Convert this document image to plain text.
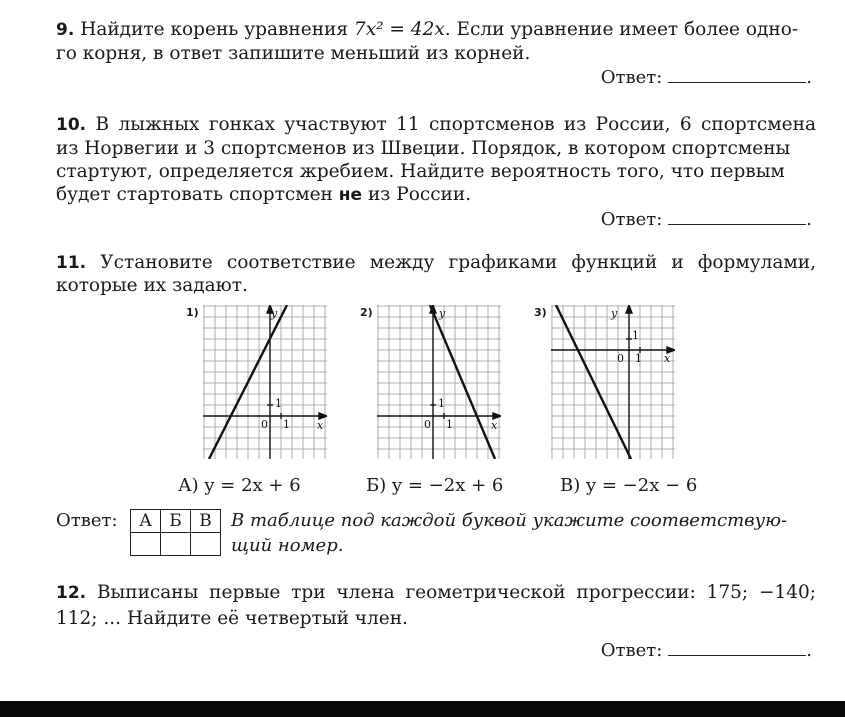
9. Найдите корень уравнения 7x² = 42x. Если уравнение имеет более одно-
го корня, в ответ запишите меньший из корней.
Ответ:	.
10. В лыжных гонках участвуют 11 спортсменов из России, 6 спортсмена
из Норвегии и 3 спортсменов из Швеции. Порядок, в котором спортсмены
стартуют, определяется жребием. Найдите вероятность того, что первым
будет стартовать спортсмен не из России.
Ответ:	.
11. Установите соответствие между графиками функций и формулами,
которые их задают.
1)	y
x
0 1
1
2)	y
x
0 1
1
3)	y
x
0 1
1
А) y = 2x + 6	Б) y = −2x + 6	В) y = −2x − 6
Ответ: А	Б	В
		В таблице под каждой буквой укажите соответствую-
щий номер.
12. Выписаны первые три члена геометрической прогрессии: 175; −140;
112; ... Найдите её четвертый член.
Ответ:	.
